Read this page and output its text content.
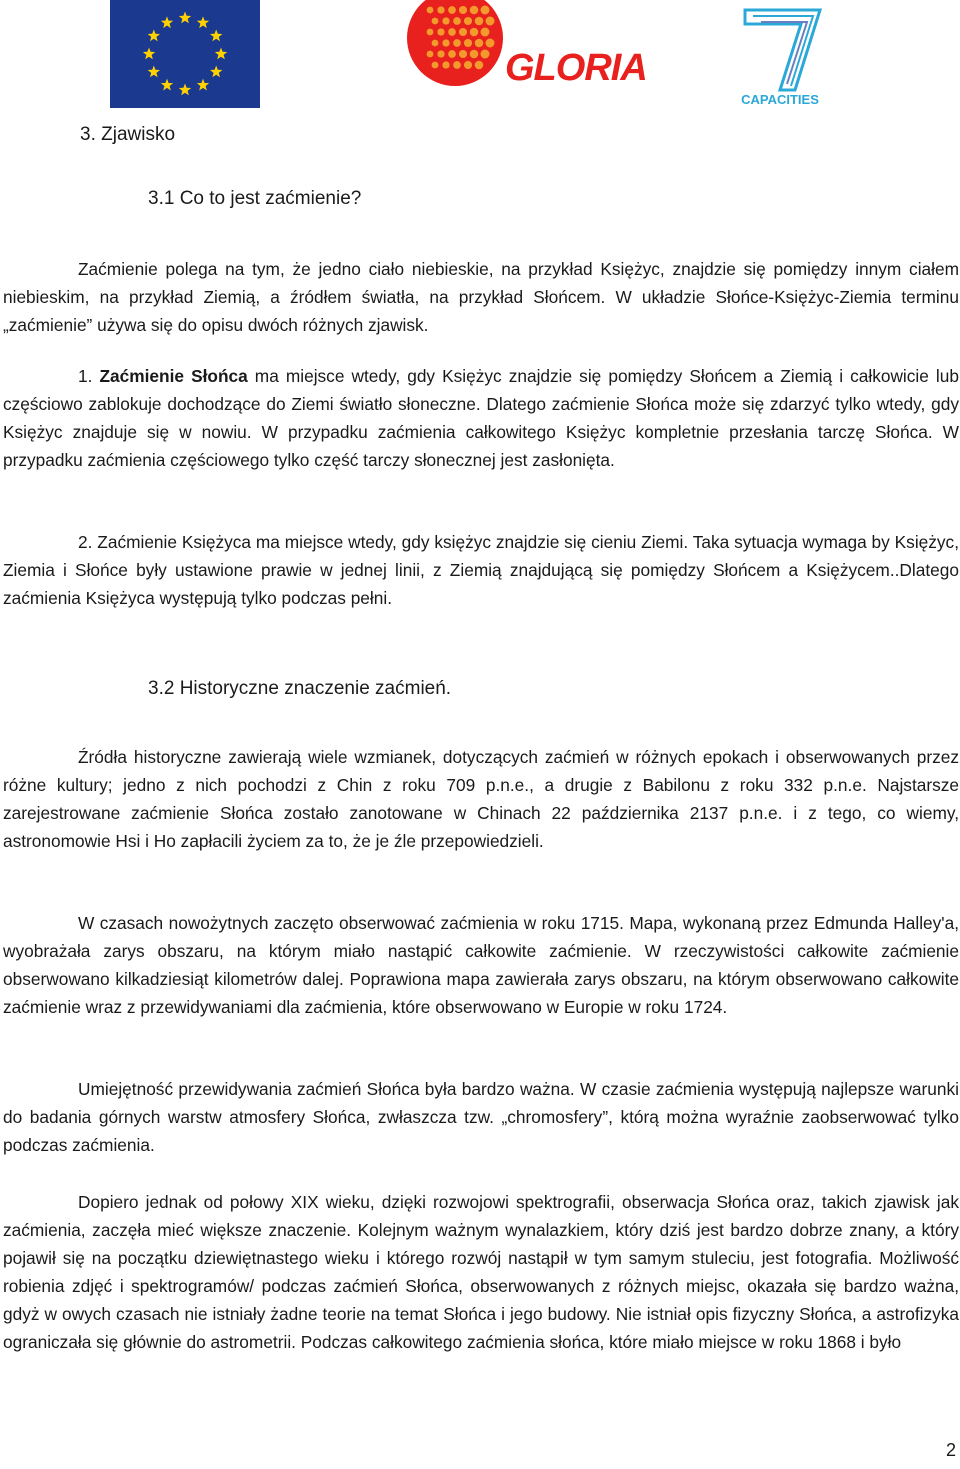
GLORIA
CAPACITIES
3. Zjawisko
3.1 Co to jest zaćmienie?

Zaćmienie polega na tym, że jedno ciało niebieskie, na przykład Księżyc, znajdzie się pomiędzy innym ciałem niebieskim, na przykład Ziemią, a źródłem światła, na przykład Słońcem. W układzie Słońce-Księżyc-Ziemia terminu „zaćmienie” używa się do opisu dwóch różnych zjawisk.

1. Zaćmienie Słońca ma miejsce wtedy, gdy Księżyc znajdzie się pomiędzy Słońcem a Ziemią i całkowicie lub częściowo zablokuje dochodzące do Ziemi światło słoneczne. Dlatego zaćmienie Słońca może się zdarzyć tylko wtedy, gdy Księżyc znajduje się w nowiu. W przypadku zaćmienia całkowitego Księżyc kompletnie przesłania tarczę Słońca. W przypadku zaćmienia częściowego tylko część tarczy słonecznej jest zasłonięta.

2. Zaćmienie Księżyca ma miejsce wtedy, gdy księżyc znajdzie się cieniu Ziemi. Taka sytuacja wymaga by Księżyc, Ziemia i Słońce były ustawione prawie w jednej linii, z Ziemią znajdującą się pomiędzy Słońcem a Księżycem..Dlatego zaćmienia Księżyca występują tylko podczas pełni.

3.2 Historyczne znaczenie zaćmień.

Źródła historyczne zawierają wiele wzmianek, dotyczących zaćmień w różnych epokach i obserwowanych przez różne kultury; jedno z nich pochodzi z Chin z roku 709 p.n.e., a drugie z Babilonu z roku 332 p.n.e. Najstarsze zarejestrowane zaćmienie Słońca zostało zanotowane w Chinach 22 października 2137 p.n.e. i z tego, co wiemy, astronomowie Hsi i Ho zapłacili życiem za to, że je źle przepowiedzieli.

W czasach nowożytnych zaczęto obserwować zaćmienia w roku 1715. Mapa, wykonaną przez Edmunda Halley'a, wyobrażała zarys obszaru, na którym miało nastąpić całkowite zaćmienie. W rzeczywistości całkowite zaćmienie obserwowano kilkadziesiąt kilometrów dalej. Poprawiona mapa zawierała zarys obszaru, na którym obserwowano całkowite zaćmienie wraz z przewidywaniami dla zaćmienia, które obserwowano w Europie w roku 1724.

Umiejętność przewidywania zaćmień Słońca była bardzo ważna. W czasie zaćmienia występują najlepsze warunki do badania górnych warstw atmosfery Słońca, zwłaszcza tzw. „chromosfery”, którą można wyraźnie zaobserwować tylko podczas zaćmienia.

Dopiero jednak od połowy XIX wieku, dzięki rozwojowi spektrografii, obserwacja Słońca oraz, takich zjawisk jak zaćmienia, zaczęła mieć większe znaczenie. Kolejnym ważnym wynalazkiem, który dziś jest bardzo dobrze znany, a który pojawił się na początku dziewiętnastego wieku i którego rozwój nastąpił w tym samym stuleciu, jest fotografia. Możliwość robienia zdjęć i spektrogramów/ podczas zaćmień Słońca, obserwowanych z różnych miejsc, okazała się bardzo ważna, gdyż w owych czasach nie istniały żadne teorie na temat Słońca i jego budowy. Nie istniał opis fizyczny Słońca, a astrofizyka ograniczała się głównie do astrometrii. Podczas całkowitego zaćmienia słońca, które miało miejsce w roku 1868 i było

2
